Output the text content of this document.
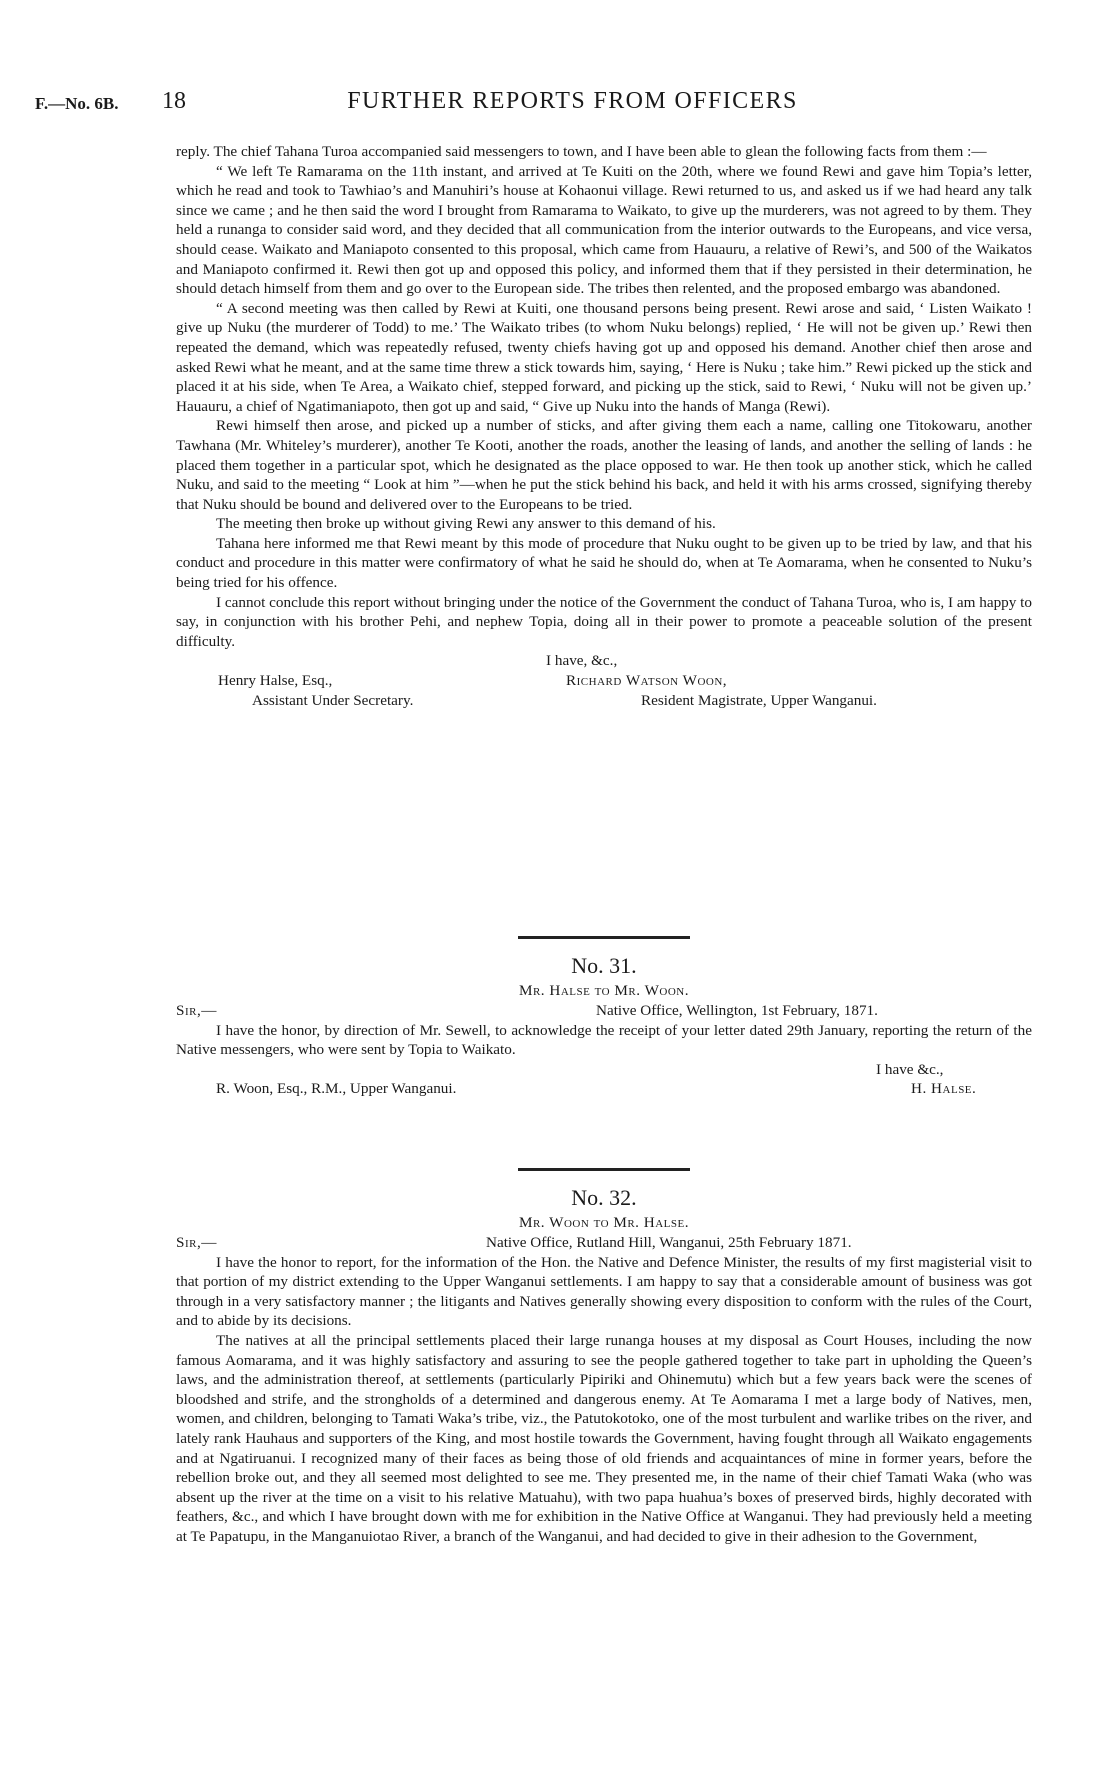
F.—No. 6B. 18	FURTHER REPORTS FROM OFFICERS

reply. The chief Tahana Turoa accompanied said messengers to town, and I have been able to glean the following facts from them :—

“ We left Te Ramarama on the 11th instant, and arrived at Te Kuiti on the 20th, where we found Rewi and gave him Topia’s letter, which he read and took to Tawhiao’s and Manuhiri’s house at Kohaonui village. Rewi returned to us, and asked us if we had heard any talk since we came ; and he then said the word I brought from Ramarama to Waikato, to give up the murderers, was not agreed to by them. They held a runanga to consider said word, and they decided that all communication from the interior outwards to the Europeans, and vice versa, should cease. Waikato and Maniapoto consented to this proposal, which came from Hauauru, a relative of Rewi’s, and 500 of the Waikatos and Maniapoto confirmed it. Rewi then got up and opposed this policy, and informed them that if they persisted in their determination, he should detach himself from them and go over to the European side. The tribes then relented, and the proposed embargo was abandoned.

“ A second meeting was then called by Rewi at Kuiti, one thousand persons being present. Rewi arose and said, ‘ Listen Waikato ! give up Nuku (the murderer of Todd) to me.’ The Waikato tribes (to whom Nuku belongs) replied, ‘ He will not be given up.’ Rewi then repeated the demand, which was repeatedly refused, twenty chiefs having got up and opposed his demand. Another chief then arose and asked Rewi what he meant, and at the same time threw a stick towards him, saying, ‘ Here is Nuku ; take him.” Rewi picked up the stick and placed it at his side, when Te Area, a Waikato chief, stepped forward, and picking up the stick, said to Rewi, ‘ Nuku will not be given up.’ Hauauru, a chief of Ngatimaniapoto, then got up and said, “ Give up Nuku into the hands of Manga (Rewi).

Rewi himself then arose, and picked up a number of sticks, and after giving them each a name, calling one Titokowaru, another Tawhana (Mr. Whiteley’s murderer), another Te Kooti, another the roads, another the leasing of lands, and another the selling of lands : he placed them together in a particular spot, which he designated as the place opposed to war. He then took up another stick, which he called Nuku, and said to the meeting “ Look at him ”—when he put the stick behind his back, and held it with his arms crossed, signifying thereby that Nuku should be bound and delivered over to the Europeans to be tried.

The meeting then broke up without giving Rewi any answer to this demand of his.

Tahana here informed me that Rewi meant by this mode of procedure that Nuku ought to be given up to be tried by law, and that his conduct and procedure in this matter were confirmatory of what he said he should do, when at Te Aomarama, when he consented to Nuku’s being tried for his offence.

I cannot conclude this report without bringing under the notice of the Government the conduct of Tahana Turoa, who is, I am happy to say, in conjunction with his brother Pehi, and nephew Topia, doing all in their power to promote a peaceable solution of the present difficulty.

I have, &c.,
Henry Halse, Esq.,	Richard Watson Woon,
Assistant Under Secretary.	Resident Magistrate, Upper Wanganui.
No. 31.
Mr. Halse to Mr. Woon.
Sir,—	Native Office, Wellington, 1st February, 1871.

I have the honor, by direction of Mr. Sewell, to acknowledge the receipt of your letter dated 29th January, reporting the return of the Native messengers, who were sent by Topia to Waikato.

I have &c.,
R. Woon, Esq., R.M., Upper Wanganui.	H. Halse.
No. 32.
Mr. Woon to Mr. Halse.
Sir,—	Native Office, Rutland Hill, Wanganui, 25th February 1871.

I have the honor to report, for the information of the Hon. the Native and Defence Minister, the results of my first magisterial visit to that portion of my district extending to the Upper Wanganui settlements. I am happy to say that a considerable amount of business was got through in a very satisfactory manner ; the litigants and Natives generally showing every disposition to conform with the rules of the Court, and to abide by its decisions.

The natives at all the principal settlements placed their large runanga houses at my disposal as Court Houses, including the now famous Aomarama, and it was highly satisfactory and assuring to see the people gathered together to take part in upholding the Queen’s laws, and the administration thereof, at settlements (particularly Pipiriki and Ohinemutu) which but a few years back were the scenes of bloodshed and strife, and the strongholds of a determined and dangerous enemy. At Te Aomarama I met a large body of Natives, men, women, and children, belonging to Tamati Waka’s tribe, viz., the Patutokotoko, one of the most turbulent and warlike tribes on the river, and lately rank Hauhaus and supporters of the King, and most hostile towards the Government, having fought through all Waikato engagements and at Ngatiruanui. I recognized many of their faces as being those of old friends and acquaintances of mine in former years, before the rebellion broke out, and they all seemed most delighted to see me. They presented me, in the name of their chief Tamati Waka (who was absent up the river at the time on a visit to his relative Matuahu), with two papa huahua’s boxes of preserved birds, highly decorated with feathers, &c., and which I have brought down with me for exhibition in the Native Office at Wanganui. They had previously held a meeting at Te Papatupu, in the Manganuiotao River, a branch of the Wanganui, and had decided to give in their adhesion to the Government,
